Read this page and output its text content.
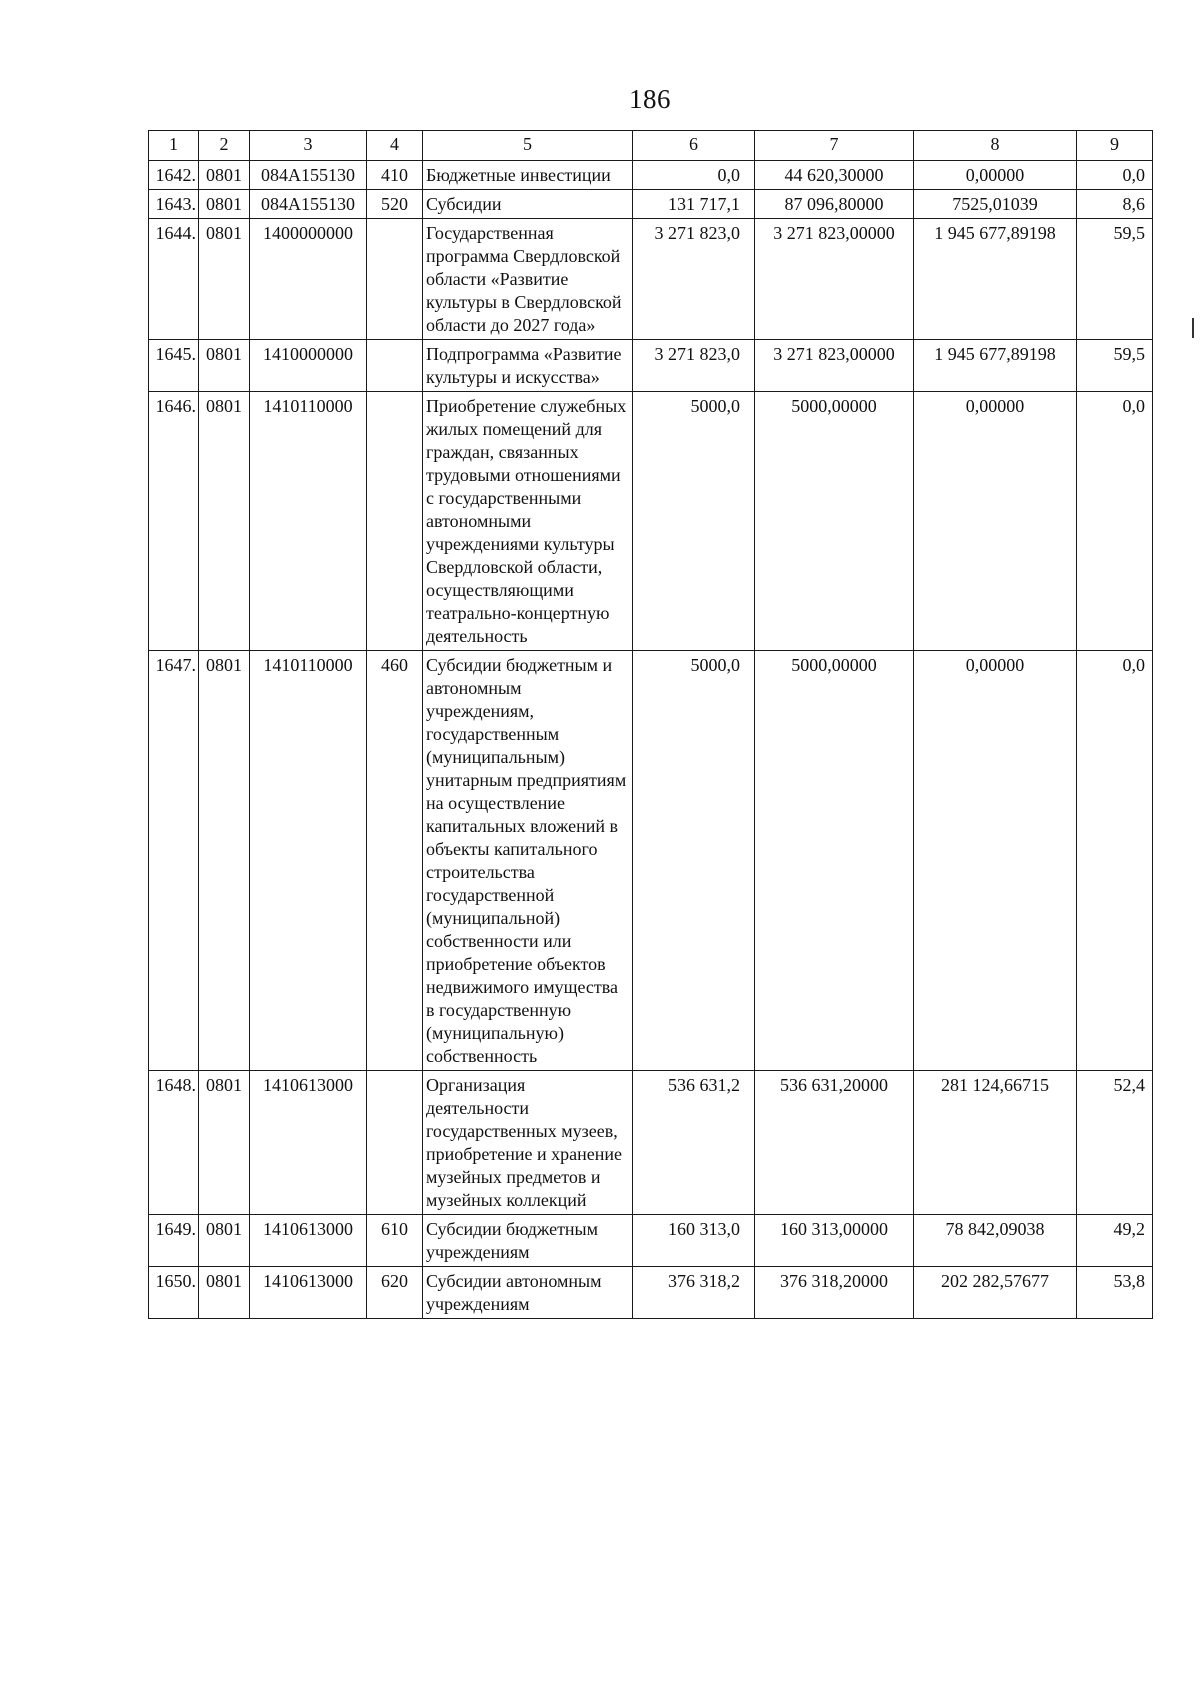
186
1	2	3	4	5	6	7	8	9
1642.	0801	084A155130	410	Бюджетные инвестиции	0,0	44 620,30000	0,00000	0,0
1643.	0801	084A155130	520	Субсидии	131 717,1	87 096,80000	7525,01039	8,6
1644.	0801	1400000000		Государственная программа Свердловской области «Развитие культуры в Свердловской области до 2027 года»	3 271 823,0	3 271 823,00000	1 945 677,89198	59,5
1645.	0801	1410000000		Подпрограмма «Развитие культуры и искусства»	3 271 823,0	3 271 823,00000	1 945 677,89198	59,5
1646.	0801	1410110000		Приобретение служебных жилых помещений для граждан, связанных трудовыми отношениями с государственными автономными учреждениями культуры Свердловской области, осуществляющими театрально-концертную деятельность	5000,0	5000,00000	0,00000	0,0
1647.	0801	1410110000	460	Субсидии бюджетным и автономным учреждениям, государственным (муниципальным) унитарным предприятиям на осуществление капитальных вложений в объекты капитального строительства государственной (муниципальной) собственности или приобретение объектов недвижимого имущества в государственную (муниципальную) собственность	5000,0	5000,00000	0,00000	0,0
1648.	0801	1410613000		Организация деятельности государственных музеев, приобретение и хранение музейных предметов и музейных коллекций	536 631,2	536 631,20000	281 124,66715	52,4
1649.	0801	1410613000	610	Субсидии бюджетным учреждениям	160 313,0	160 313,00000	78 842,09038	49,2
1650.	0801	1410613000	620	Субсидии автономным учреждениям	376 318,2	376 318,20000	202 282,57677	53,8
